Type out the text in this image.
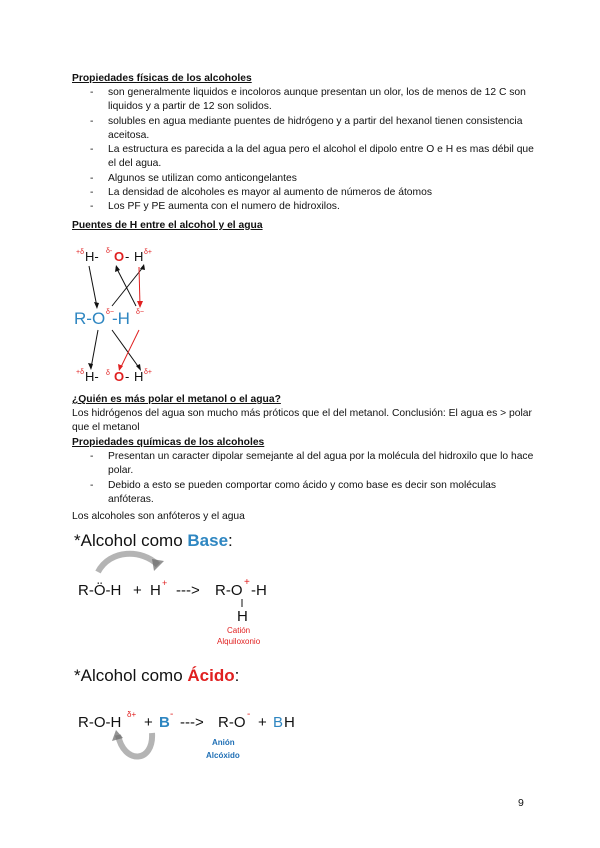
Propiedades físicas de los alcoholes
- son generalmente liquidos e incoloros aunque presentan un olor, los de menos de 12 C son liquidos y a partir de 12 son solidos.
- solubles en agua mediante puentes de hidrógeno y a partir del hexanol tienen consistencia aceitosa.
- La estructura es parecida a la del agua pero el alcohol el dipolo entre O e H es mas débil que el del agua.
- Algunos se utilizan como anticongelantes
- La densidad de alcoholes es mayor al aumento de números de átomos
- Los PF y PE aumenta con el numero de hidroxilos.
Puentes de H entre el alcohol y el agua
+δ H- δ- O - H δ+
R-O δ−
-H δ−
+δ H- δ O - H δ+
¿Quién es más polar el metanol o el agua?
Los hidrógenos del agua son mucho más próticos que el del metanol. Conclusión: El agua es > polar que el metanol
Propiedades químicas de los alcoholes
- Presentan un caracter dipolar semejante al del agua por la molécula del hidroxilo que lo hace polar.
- Debido a esto se pueden comportar como ácido y como base es decir son moléculas anfóteras.
Los alcoholes son anfóteros y el agua
*Alcohol como Base:
R-Ö-H + H + ---> R-O + -H
H
Catión
Alquiloxonio
*Alcohol como Ácido:
R-O-H δ+ + B - ---> R-O - + B H
Anión
Alcóxido
9
